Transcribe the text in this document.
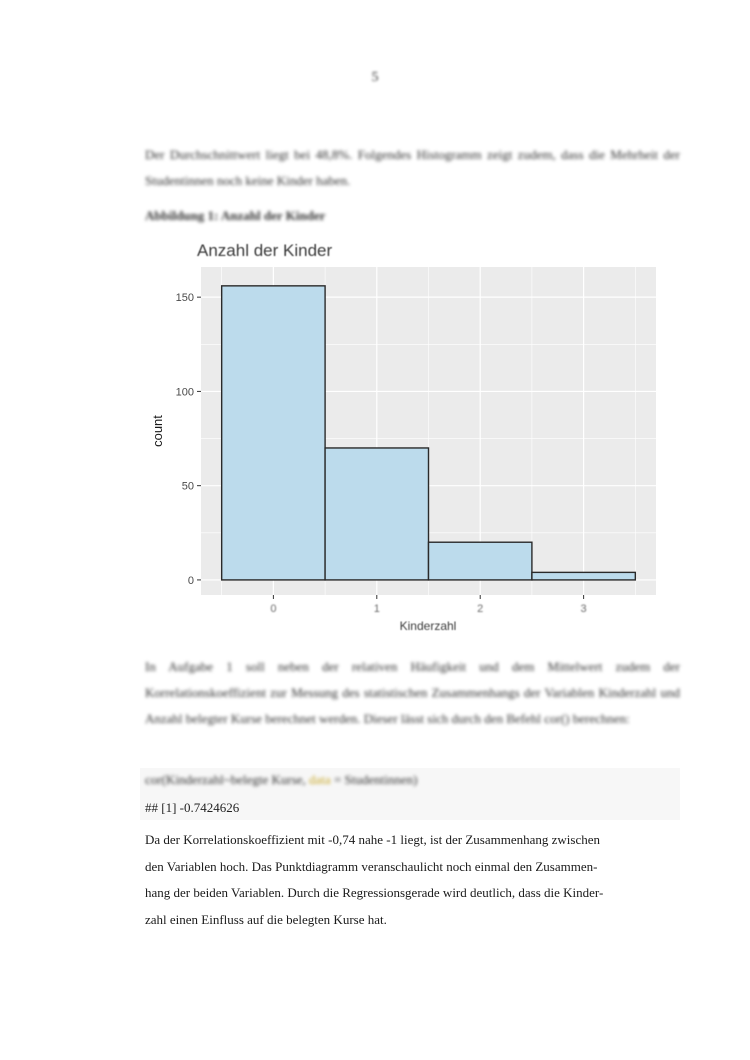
5

Der Durchschnittwert liegt bei 48,8%. Folgendes Histogramm zeigt zudem, dass die Mehrheit der Studentinnen noch keine Kinder haben.

Abbildung 1: Anzahl der Kinder
Anzahl der Kinder
0
50
100
150
0	1	2	3
Kinderzahl
count

In Aufgabe 1 soll neben der relativen Häufigkeit und dem Mittelwert zudem der Korrelationskoeffizient zur Messung des statistischen Zusammenhangs der Variablen Kinderzahl und Anzahl belegter Kurse berechnet werden. Dieser lässt sich durch den Befehl cor() berechnen:

cor(Kinderzahl~belegte Kurse, data = Studentinnen)
## [1] -0.7424626

Da der Korrelationskoeffizient mit -0,74 nahe -1 liegt, ist der Zusammenhang zwischen
den Variablen hoch. Das Punktdiagramm veranschaulicht noch einmal den Zusammen-
hang der beiden Variablen. Durch die Regressionsgerade wird deutlich, dass die Kinder-
zahl einen Einfluss auf die belegten Kurse hat.
